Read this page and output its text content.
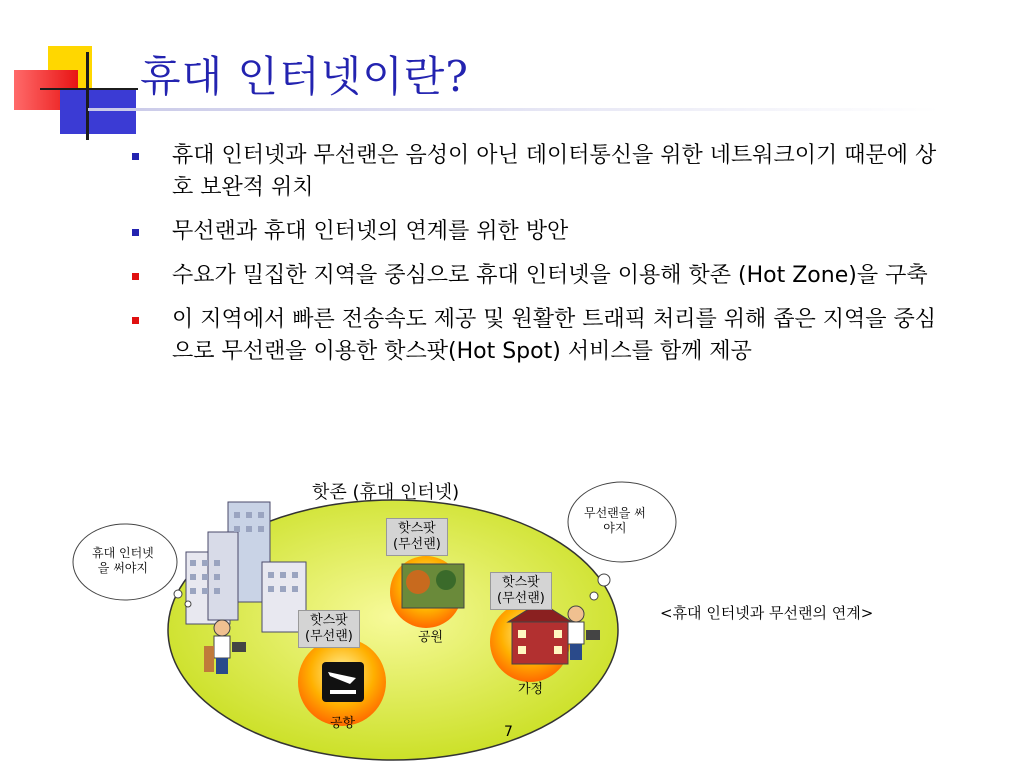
휴대 인터넷이란?
휴대 인터넷과 무선랜은 음성이 아닌 데이터통신을 위한 네트워크이기 때문에 상호 보완적 위치
무선랜과 휴대 인터넷의 연계를 위한 방안
수요가 밀집한 지역을 중심으로 휴대 인터넷을 이용해 핫존 (Hot Zone)을 구축
이 지역에서 빠른 전송속도 제공 및 원활한 트래픽 처리를 위해 좁은 지역을 중심으로 무선랜을 이용한 핫스팟(Hot Spot) 서비스를 함께 제공
핫존 (휴대 인터넷)
휴대 인터넷
을 써야지
무선랜을 써
야지
핫스팟
(무선랜)
핫스팟
(무선랜)
핫스팟
(무선랜)	공원
가정
공항
<휴대 인터넷과 무선랜의 연계>
7
